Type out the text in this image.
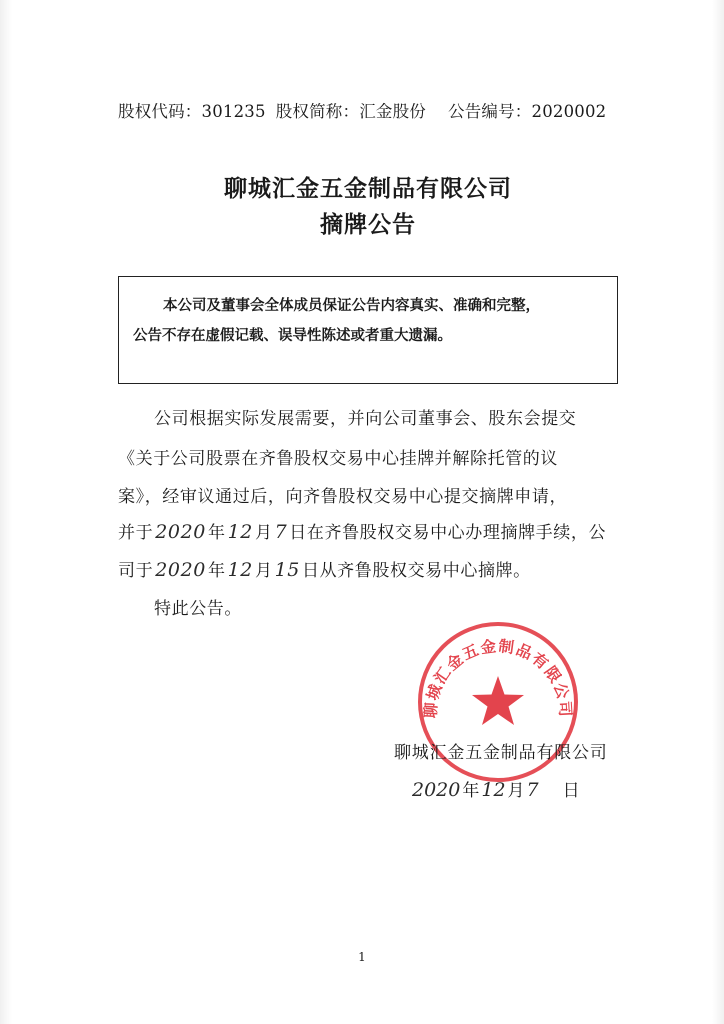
股权代码：301235 股权简称：汇金股份 公告编号：2020002
聊城汇金五金制品有限公司
摘牌公告
本公司及董事会全体成员保证公告内容真实、准确和完整，
公告不存在虚假记载、误导性陈述或者重大遗漏。
公司根据实际发展需要，并向公司董事会、股东会提交
《关于公司股票在齐鲁股权交易中心挂牌并解除托管的议
案》，经审议通过后，向齐鲁股权交易中心提交摘牌申请，
并于 2020 年 12 月 7 日在齐鲁股权交易中心办理摘牌手续，公
司于 2020 年 12 月 15 日从齐鲁股权交易中心摘牌。
特此公告。
聊城汇金五金制品有限公司
聊城汇金五金制品有限公司
2020 年 12 月 7 日
1
